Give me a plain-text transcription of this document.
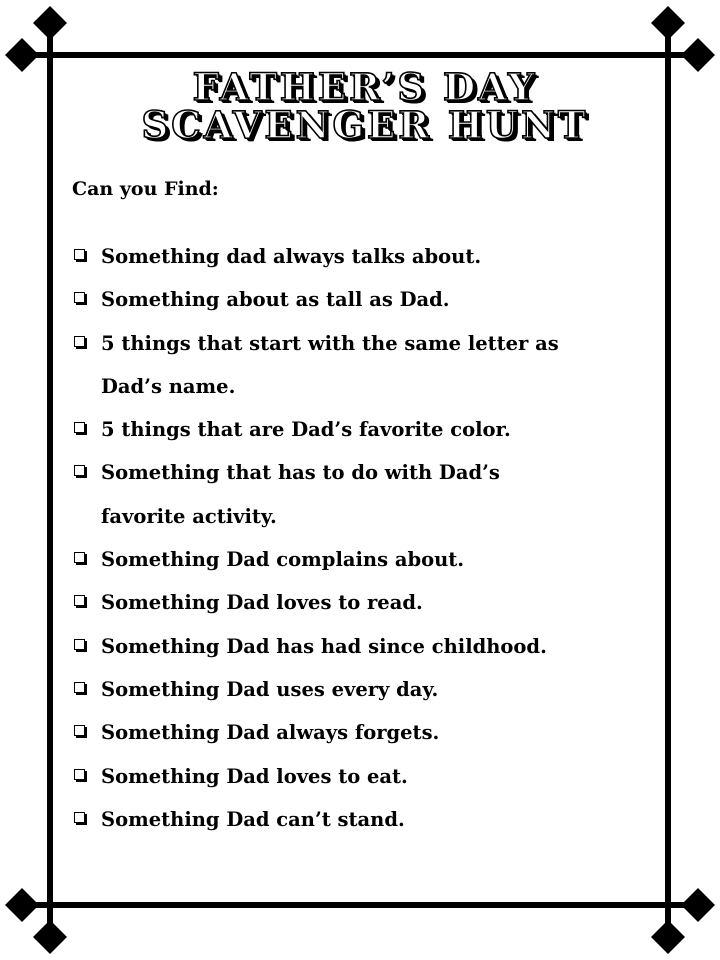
FATHER’S DAY
SCAVENGER HUNT
Can you Find:
Something dad always talks about.
Something about as tall as Dad.
5 things that start with the same letter as
Dad’s name.
5 things that are Dad’s favorite color.
Something that has to do with Dad’s
favorite activity.
Something Dad complains about.
Something Dad loves to read.
Something Dad has had since childhood.
Something Dad uses every day.
Something Dad always forgets.
Something Dad loves to eat.
Something Dad can’t stand.
